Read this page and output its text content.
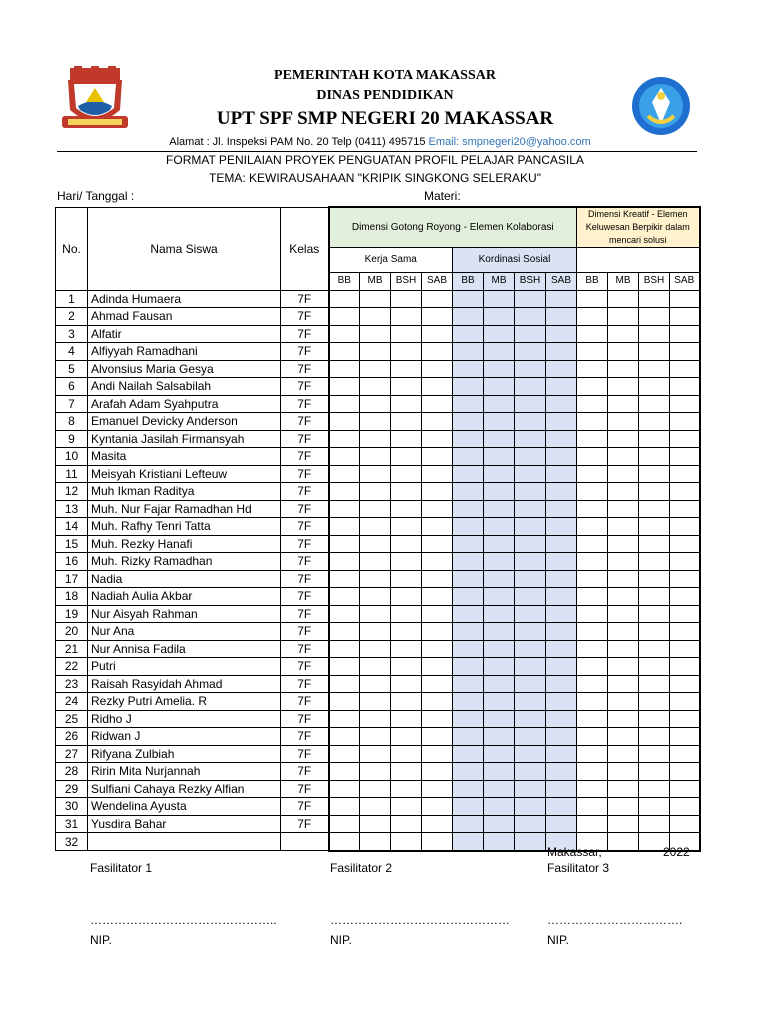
PEMERINTAH KOTA MAKASSAR
DINAS PENDIDIKAN
UPT SPF SMP NEGERI 20 MAKASSAR
Alamat : Jl. Inspeksi PAM No. 20 Telp (0411) 495715 Email: smpnegeri20@yahoo.com
FORMAT PENILAIAN PROYEK PENGUATAN PROFIL PELAJAR PANCASILA
TEMA: KEWIRAUSAHAAN "KRIPIK SINGKONG SELERAKU"
Hari/ Tanggal :	Materi:
No.	Nama Siswa	Kelas	Dimensi Gotong Royong - Elemen Kolaborasi								Dimensi Kreatif - Elemen Keluwesan Berpikir dalam mencari solusi			
			Kerja Sama				Kordinasi Sosial							
			BB	MB	BSH	SAB	BB	MB	BSH	SAB	BB	MB	BSH	SAB
1	Adinda Humaera	7F												
2	Ahmad Fausan	7F												
3	Alfatir	7F												
4	Alfiyyah Ramadhani	7F												
5	Alvonsius Maria Gesya	7F												
6	Andi Nailah Salsabilah	7F												
7	Arafah Adam Syahputra	7F												
8	Emanuel Devicky Anderson	7F												
9	Kyntania Jasilah Firmansyah	7F												
10	Masita	7F												
11	Meisyah Kristiani Lefteuw	7F												
12	Muh Ikman Raditya	7F												
13	Muh. Nur Fajar Ramadhan Hd	7F												
14	Muh. Rafhy Tenri Tatta	7F												
15	Muh. Rezky Hanafi	7F												
16	Muh. Rizky Ramadhan	7F												
17	Nadia	7F												
18	Nadiah Aulia Akbar	7F												
19	Nur Aisyah Rahman	7F												
20	Nur Ana	7F												
21	Nur Annisa Fadila	7F												
22	Putri	7F												
23	Raisah Rasyidah Ahmad	7F												
24	Rezky Putri Amelia. R	7F												
25	Ridho J	7F												
26	Ridwan J	7F												
27	Rifyana Zulbiah	7F												
28	Ririn Mita Nurjannah	7F												
29	Sulfiani Cahaya Rezky Alfian	7F												
30	Wendelina Ayusta	7F												
31	Yusdira Bahar	7F												
32														
Makassar,	2022
Fasilitator 1	Fasilitator 2	Fasilitator 3
………………………………………..	………………………………………	…………………………….
NIP.	NIP.	NIP.
